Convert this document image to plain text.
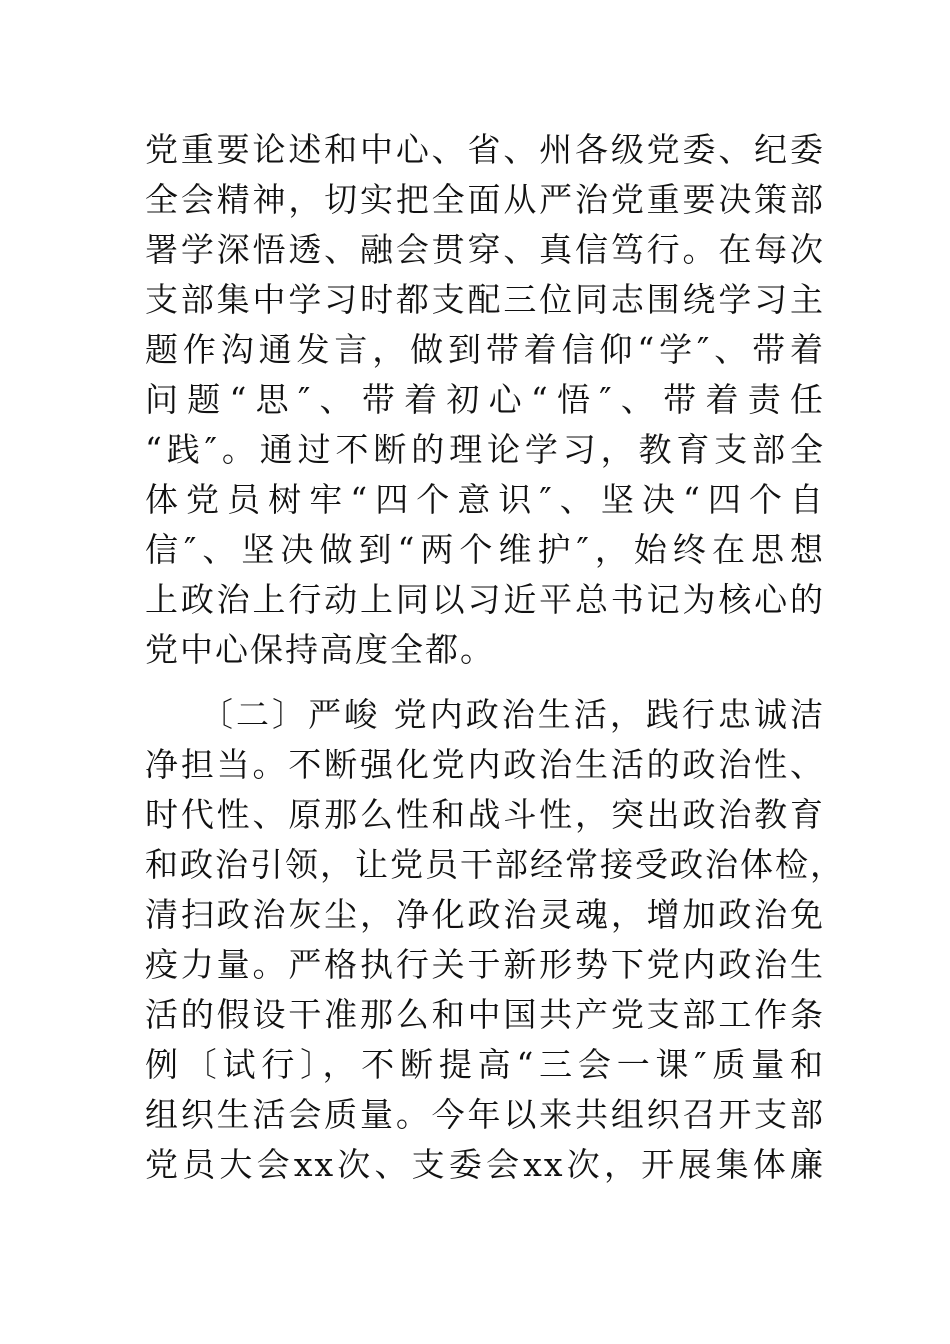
党重要论述和中心、省、州各级党委、纪委
全会精神，切实把全面从严治党重要决策部
署学深悟透、融会贯穿、真信笃行。在每次
支部集中学习时都支配三位同志围绕学习主
题作沟通发言，做到带着信仰“学″、带着
问题“思″、带着初心“悟″、带着责任
“践″。通过不断的理论学习，教育支部全
体党员树牢“四个意识″、坚决“四个自
信″、坚决做到“两个维护″，始终在思想
上政治上行动上同以习近平总书记为核心的
党中心保持高度全都。
〔二〕严峻 党内政治生活，践行忠诚洁
净担当。不断强化党内政治生活的政治性、
时代性、原那么性和战斗性，突出政治教育
和政治引领，让党员干部经常接受政治体检，
清扫政治灰尘，净化政治灵魂，增加政治免
疫力量。严格执行关于新形势下党内政治生
活的假设干准那么和中国共产党支部工作条
例〔试行〕，不断提高“三会一课″质量和
组织生活会质量。今年以来共组织召开支部
党员大会xx次、支委会xx次，开展集体廉
